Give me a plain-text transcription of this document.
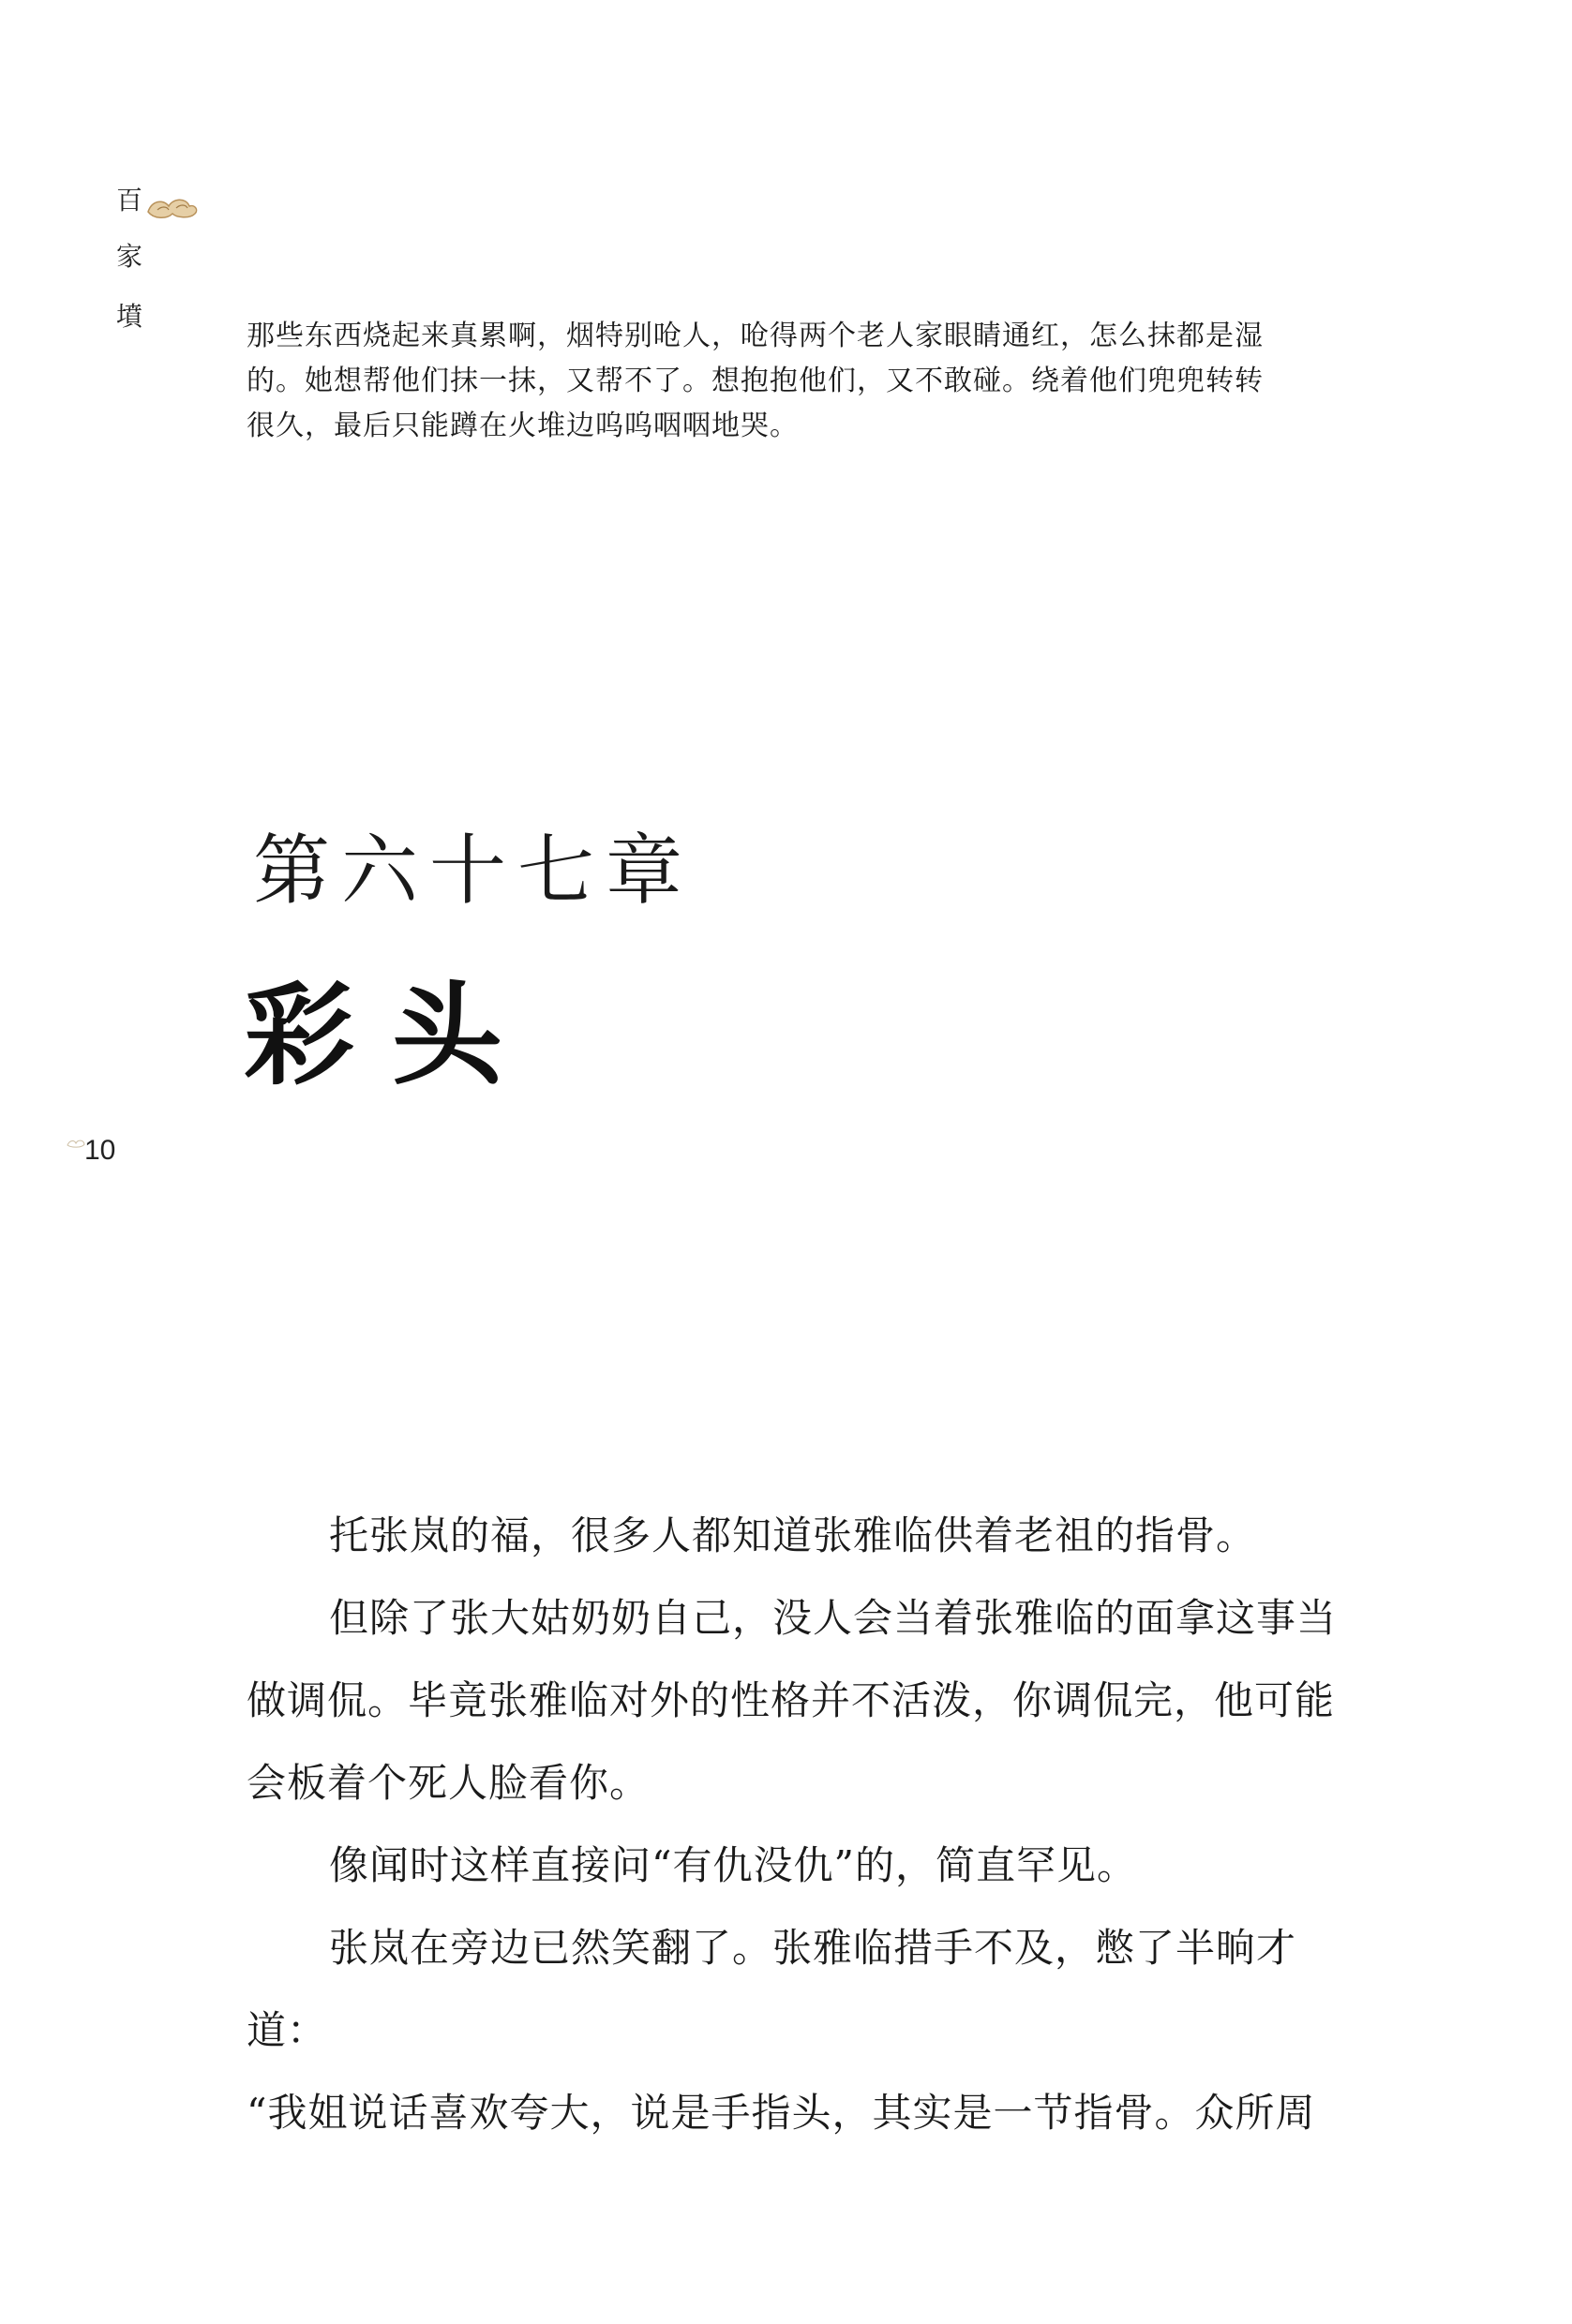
百
家
墳

那些东西烧起来真累啊，烟特别呛人，呛得两个老人家眼睛通红，怎么抹都是湿的。她想帮他们抹一抹，又帮不了。想抱抱他们，又不敢碰。绕着他们兜兜转转很久，最后只能蹲在火堆边呜呜咽咽地哭。

第六十七章
彩头
10

托张岚的福，很多人都知道张雅临供着老祖的指骨。

但除了张大姑奶奶自己，没人会当着张雅临的面拿这事当做调侃。毕竟张雅临对外的性格并不活泼，你调侃完，他可能会板着个死人脸看你。

像闻时这样直接问“有仇没仇”的，简直罕见。

张岚在旁边已然笑翻了。张雅临措手不及，憋了半晌才道：

“我姐说话喜欢夸大，说是手指头，其实是一节指骨。众所周
